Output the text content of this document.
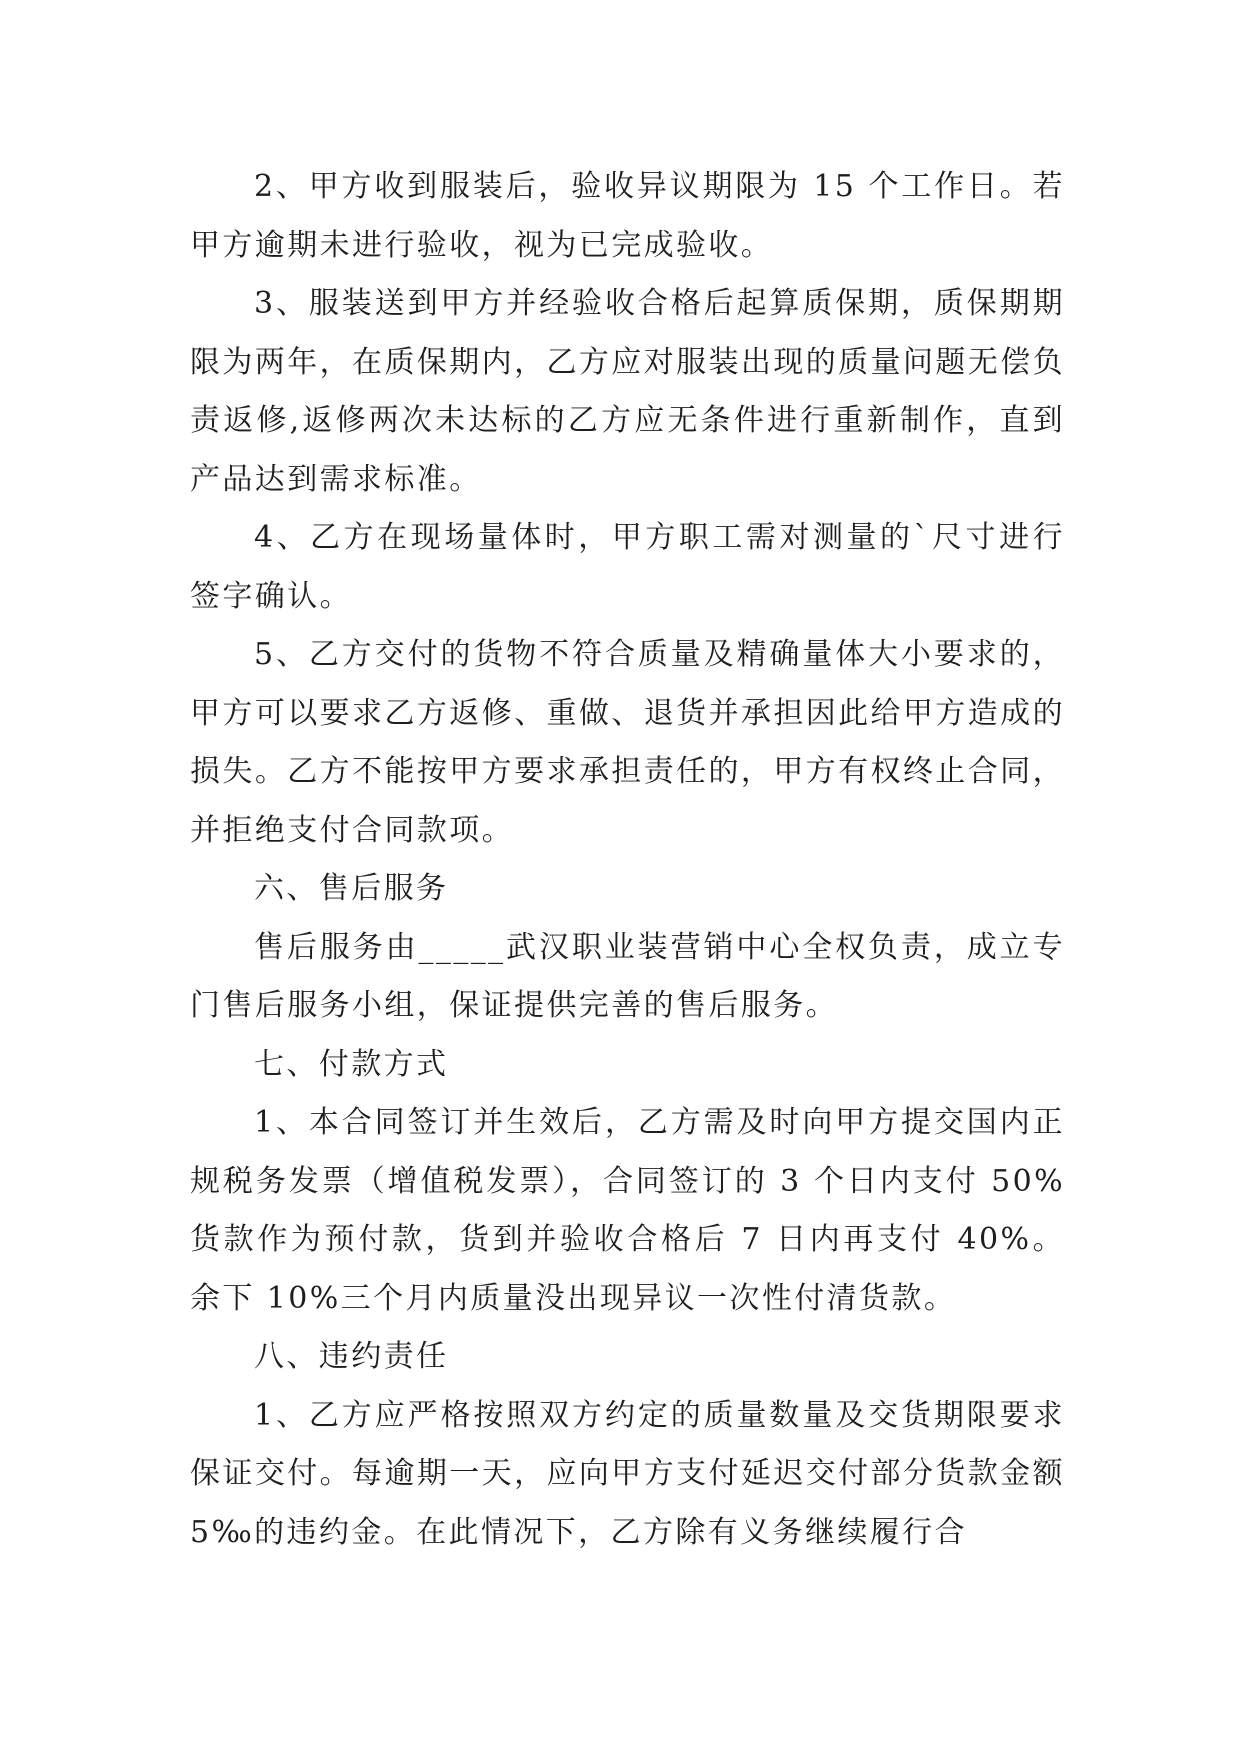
2、甲方收到服装后，验收异议期限为 15 个工作日。若甲方逾期未进行验收，视为已完成验收。

3、服装送到甲方并经验收合格后起算质保期，质保期期限为两年，在质保期内，乙方应对服装出现的质量问题无偿负责返修,返修两次未达标的乙方应无条件进行重新制作，直到产品达到需求标准。

4、乙方在现场量体时，甲方职工需对测量的`尺寸进行签字确认。

5、乙方交付的货物不符合质量及精确量体大小要求的，甲方可以要求乙方返修、重做、退货并承担因此给甲方造成的损失。乙方不能按甲方要求承担责任的，甲方有权终止合同，并拒绝支付合同款项。

六、售后服务

售后服务由_____武汉职业装营销中心全权负责，成立专门售后服务小组，保证提供完善的售后服务。

七、付款方式

1、本合同签订并生效后，乙方需及时向甲方提交国内正规税务发票（增值税发票），合同签订的 3 个日内支付 50%货款作为预付款，货到并验收合格后 7 日内再支付 40%。余下 10%三个月内质量没出现异议一次性付清货款。

八、违约责任

1、乙方应严格按照双方约定的质量数量及交货期限要求保证交付。每逾期一天，应向甲方支付延迟交付部分货款金额 5‰的违约金。在此情况下，乙方除有义务继续履行合
